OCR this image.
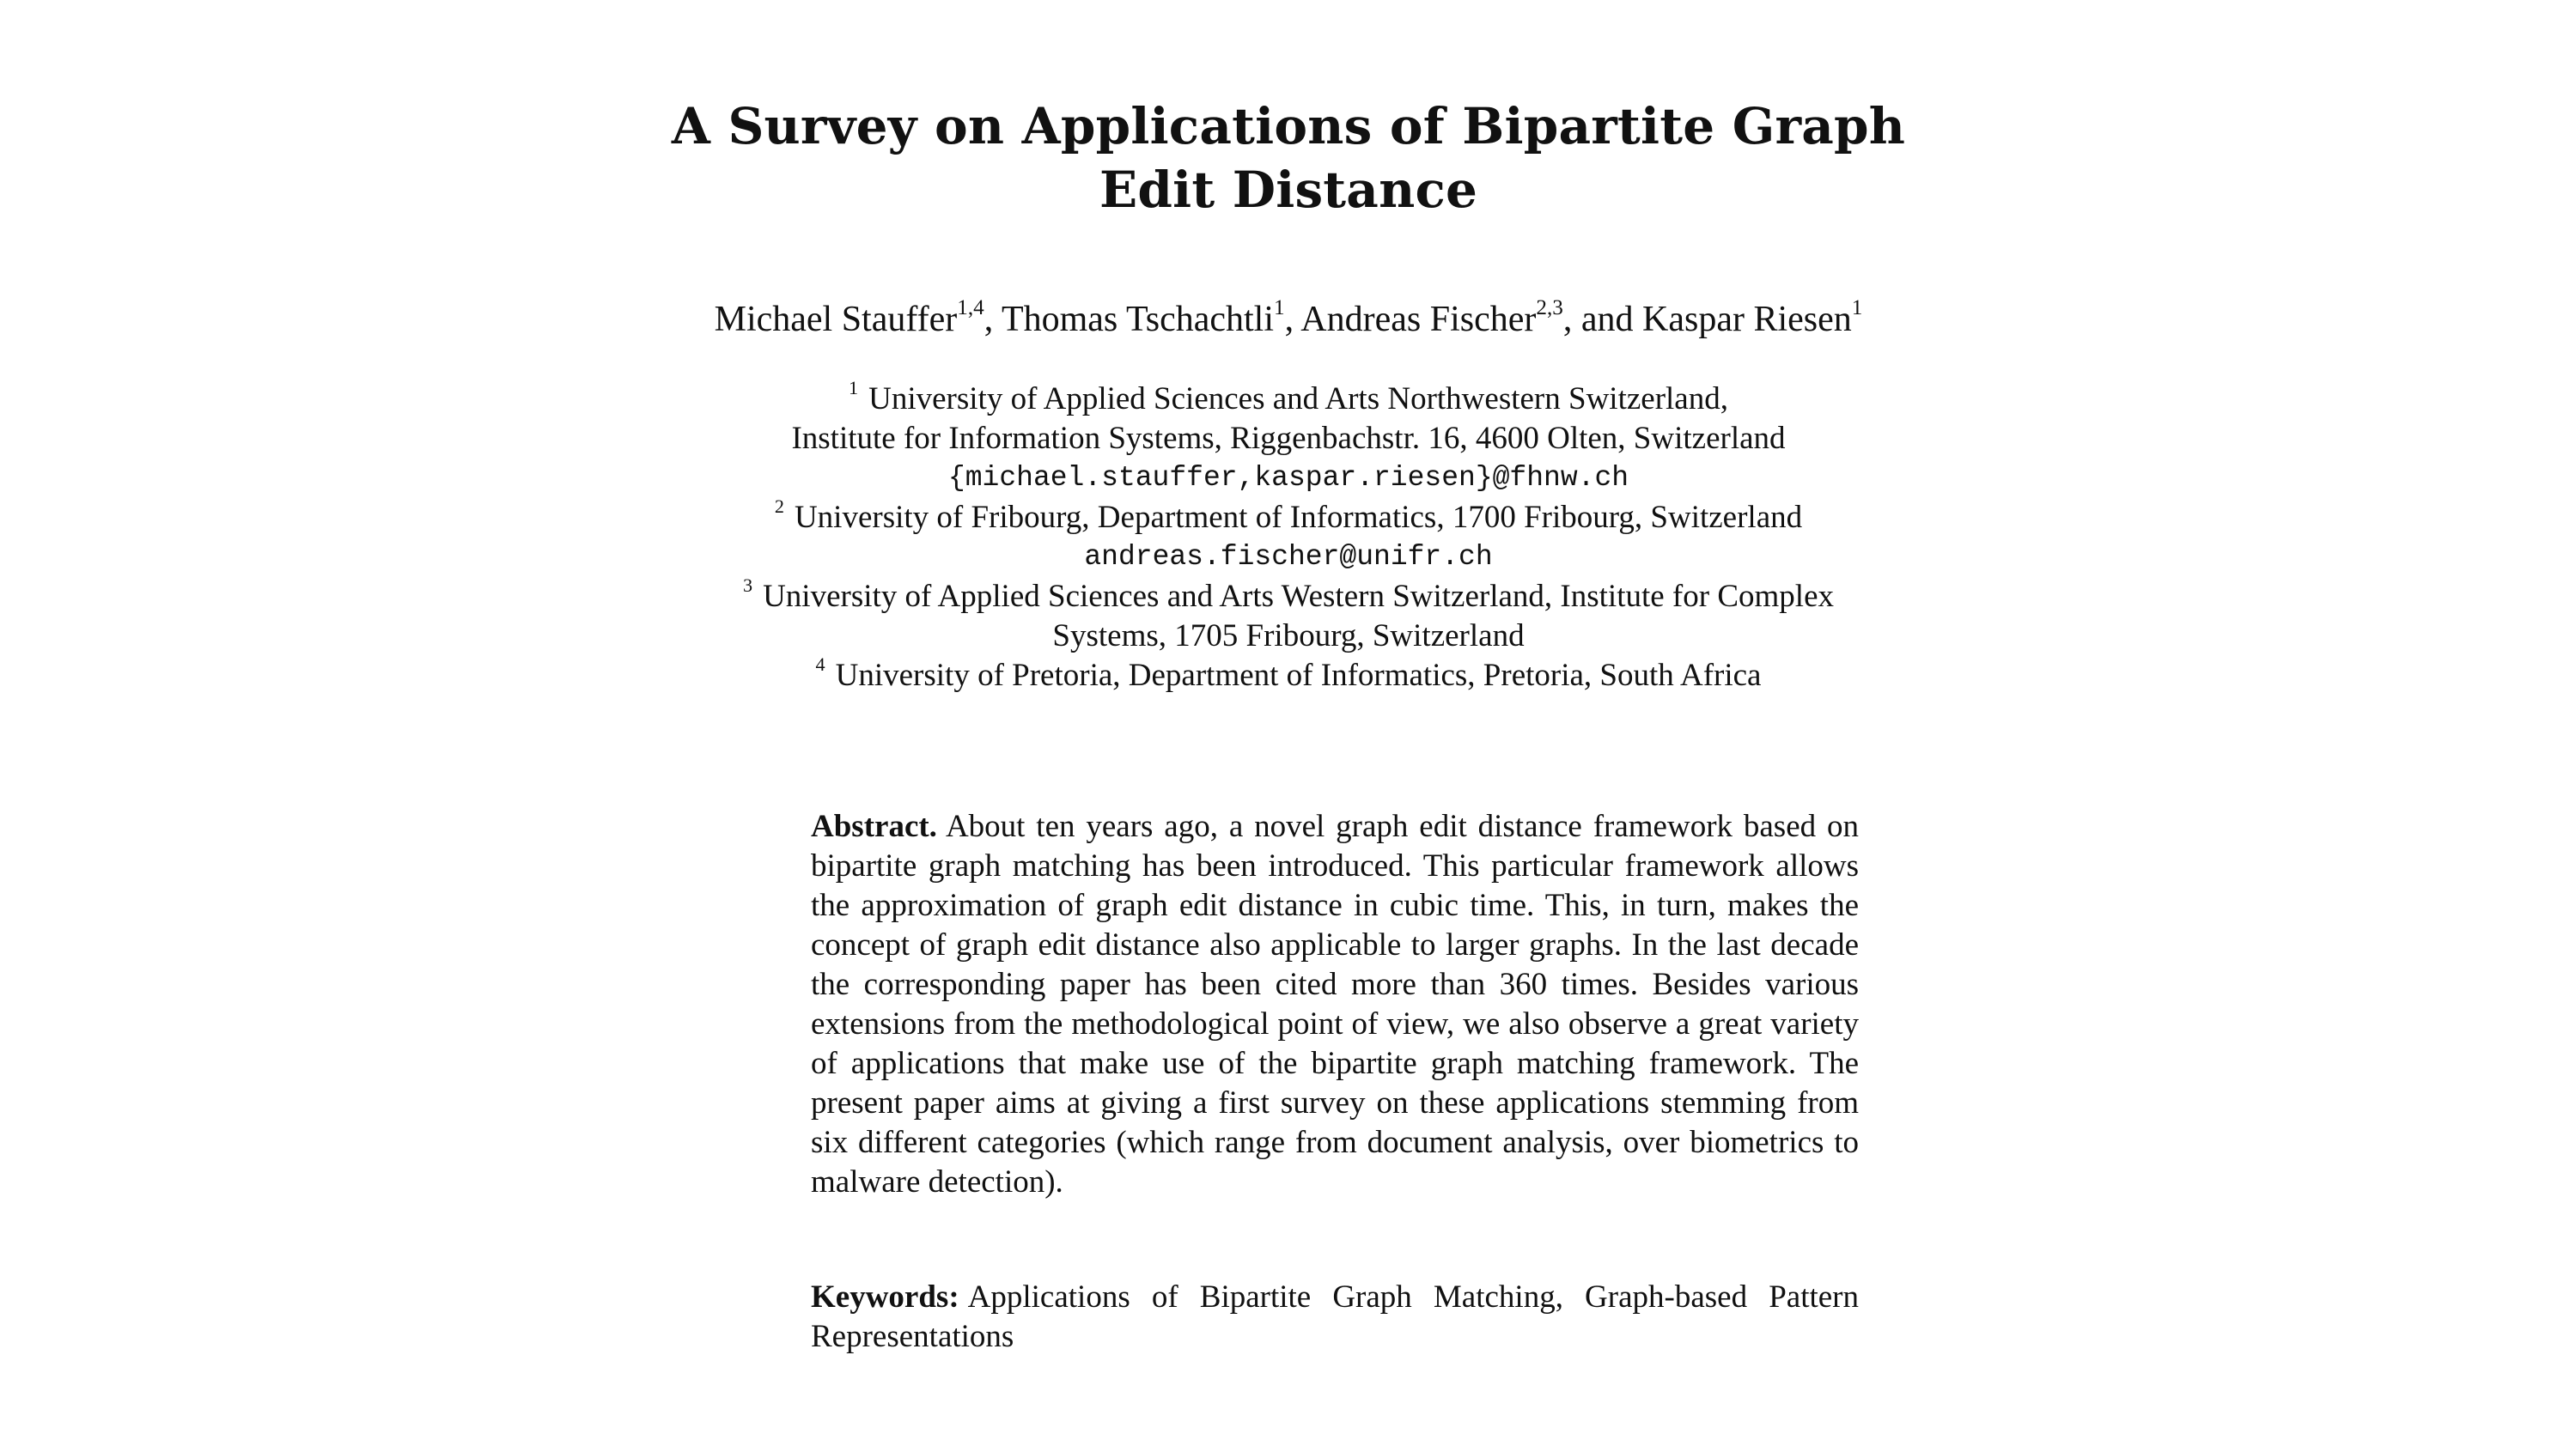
A Survey on Applications of Bipartite Graph
Edit Distance
Michael Stauffer$^{1,4}$, Thomas Tschachtli$^1$, Andreas Fischer$^{2,3}$, and Kaspar Riesen$^1$
$^1$ University of Applied Sciences and Arts Northwestern Switzerland,
Institute for Information Systems, Riggenbachstr. 16, 4600 Olten, Switzerland
{michael.stauffer,kaspar.riesen}@fhnw.ch
$^2$ University of Fribourg, Department of Informatics, 1700 Fribourg, Switzerland
andreas.fischer@unifr.ch
$^3$ University of Applied Sciences and Arts Western Switzerland, Institute for Complex
Systems, 1705 Fribourg, Switzerland
$^4$ University of Pretoria, Department of Informatics, Pretoria, South Africa
Abstract. About ten years ago, a novel graph edit distance framework based on bipartite graph matching has been introduced. This particular framework allows the approximation of graph edit distance in cubic time. This, in turn, makes the concept of graph edit distance also applicable to larger graphs. In the last decade the corresponding paper has been cited more than 360 times. Besides various extensions from the methodological point of view, we also observe a great variety of applications that make use of the bipartite graph matching framework. The present paper aims at giving a first survey on these applications stemming from six different categories (which range from document analysis, over biometrics to malware detection).
Keywords: Applications of Bipartite Graph Matching, Graph-based Pattern Representations
